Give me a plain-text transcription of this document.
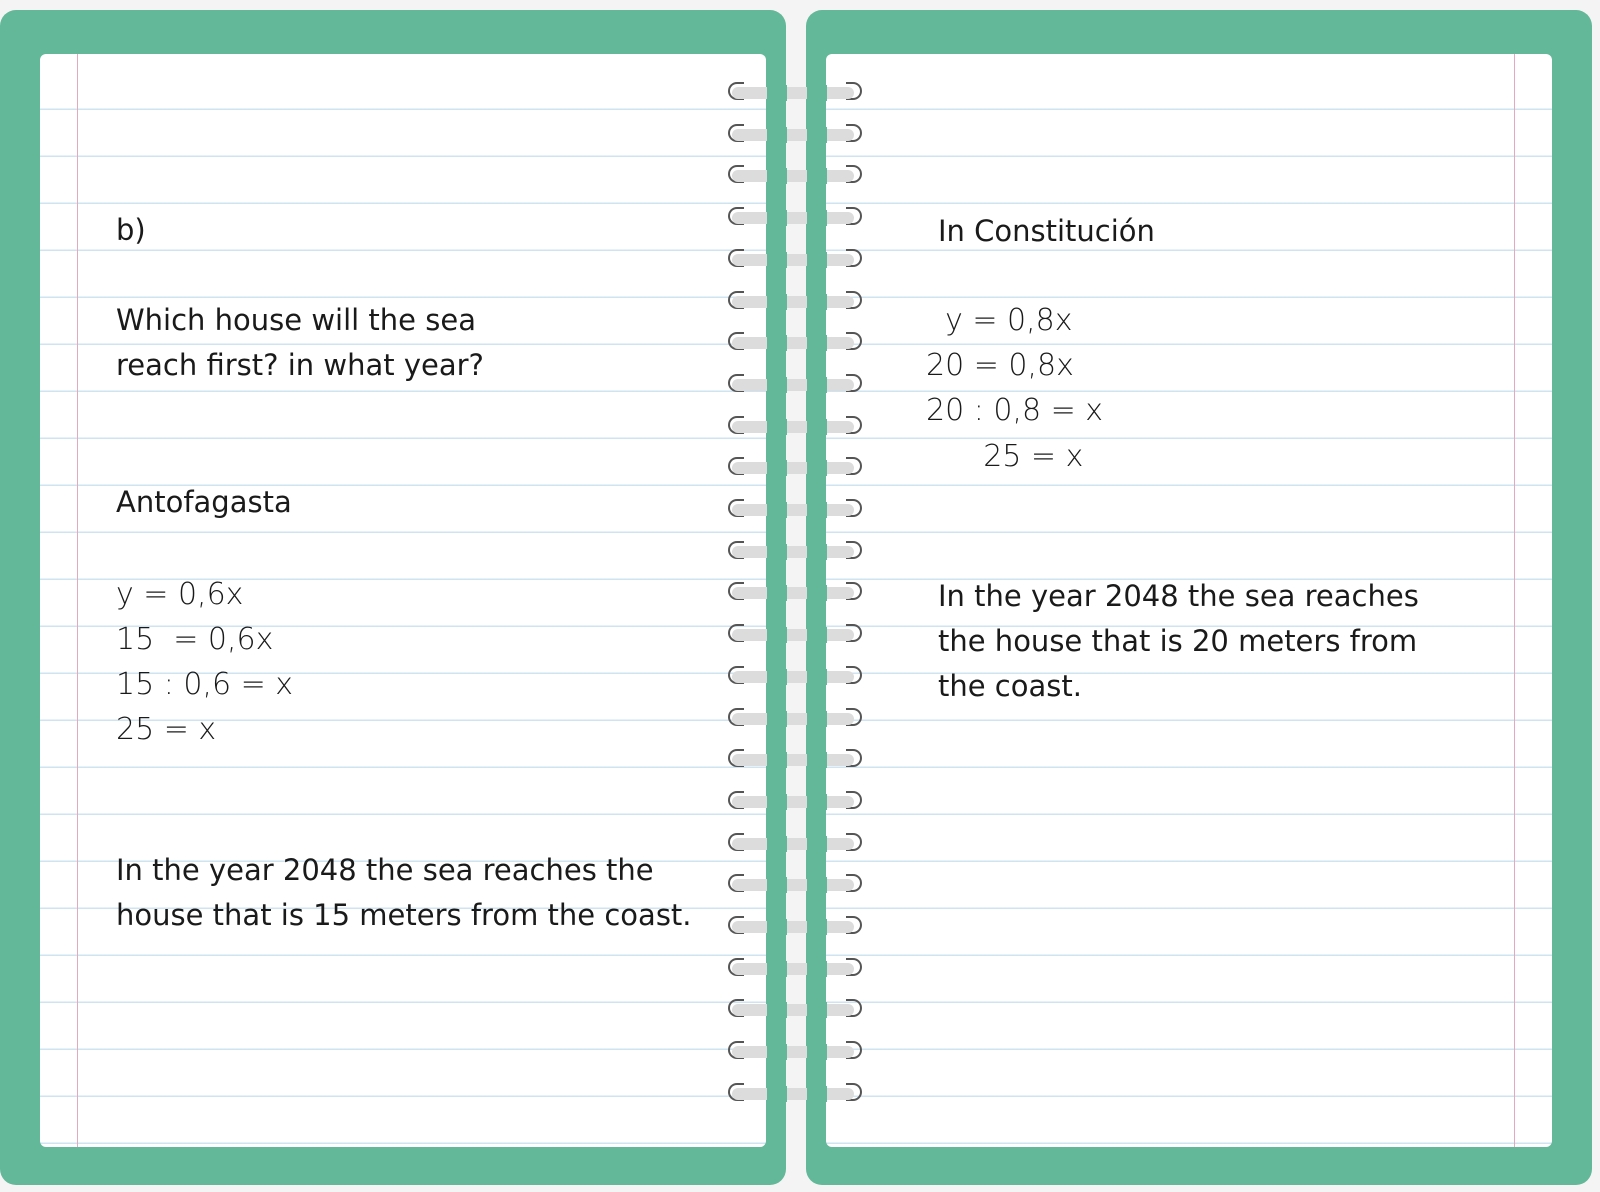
b)

Which house will the sea

reach first? in what year?

Antofagasta

y = 0,6x

15  = 0,6x

15 : 0,6 = x

25 = x

In the year 2048 the sea reaches the

house that is 15 meters from the coast.

In Constitución

y = 0,8x

20 = 0,8x

20 : 0,8 = x

25 = x

In the year 2048 the sea reaches

the house that is 20 meters from

the coast.
